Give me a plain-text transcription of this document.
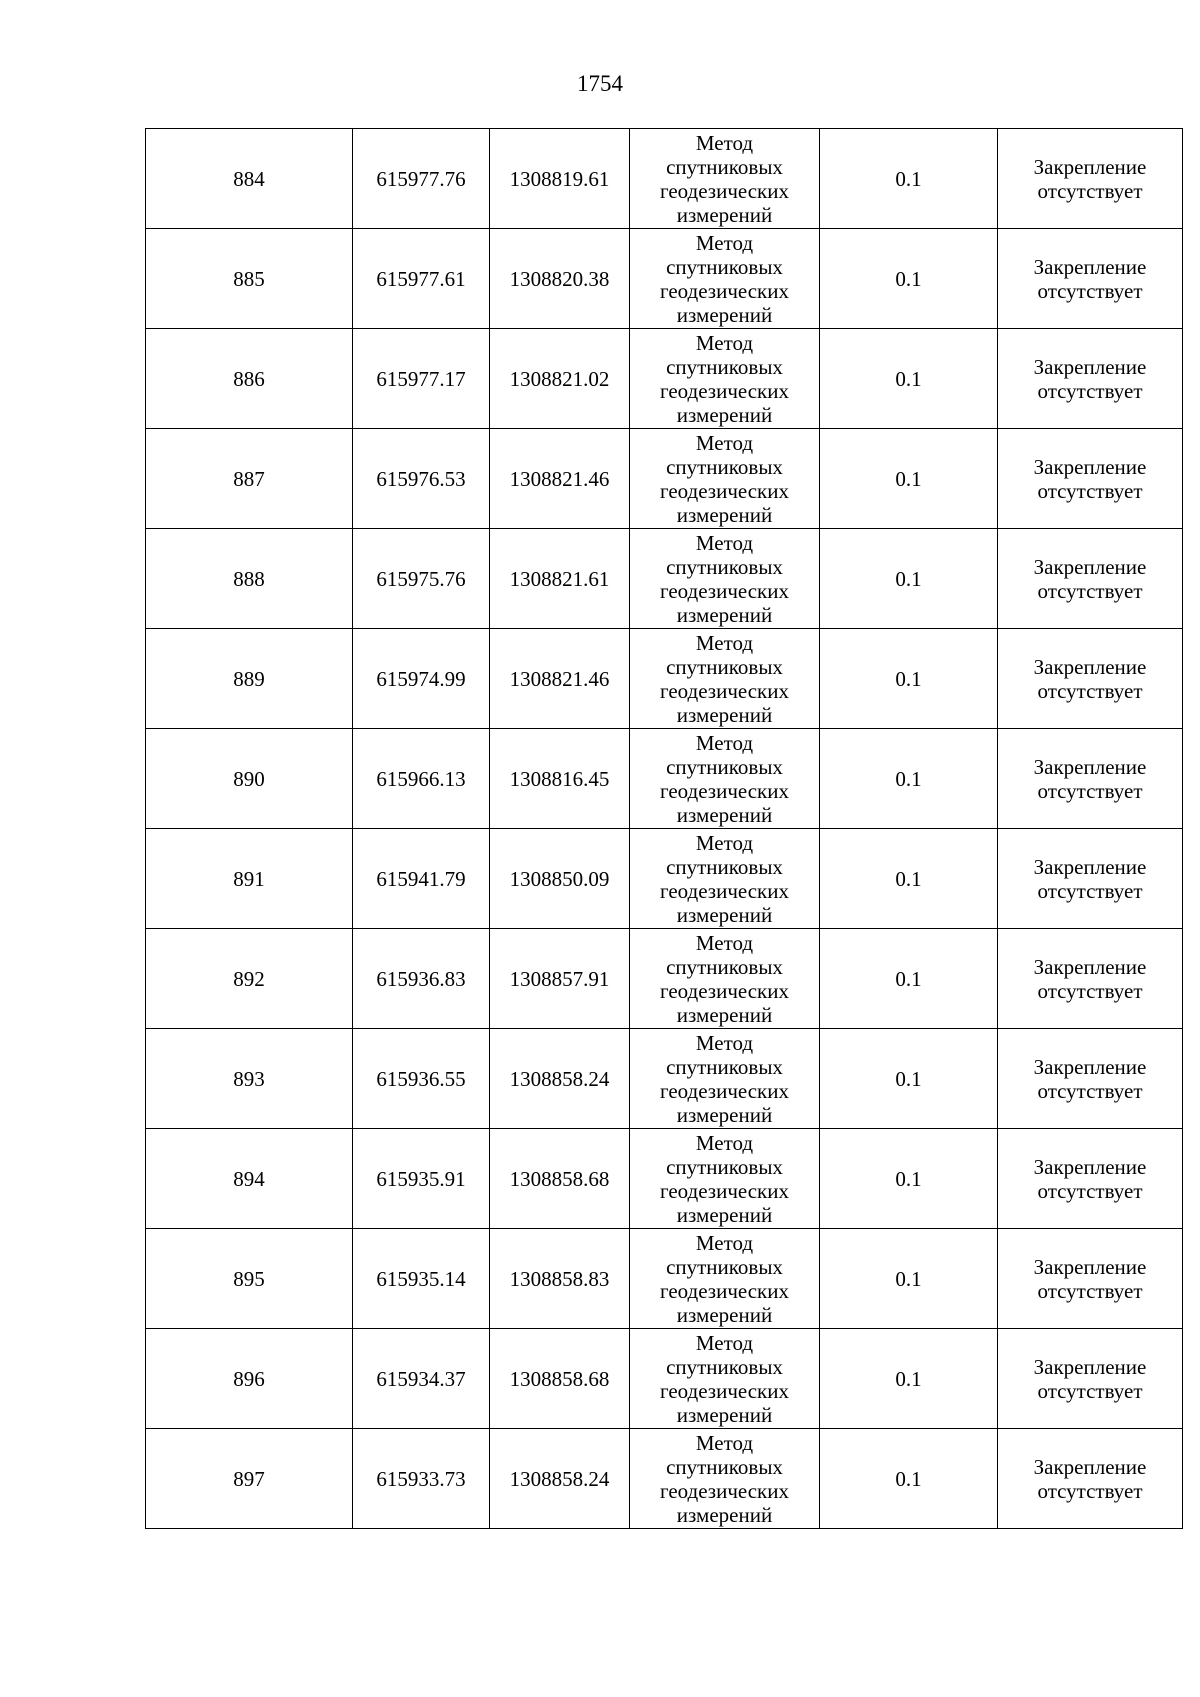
1754
884	615977.76	1308819.61	Метод
спутниковых
геодезических
измерений	0.1	Закрепление
отсутствует

885	615977.61	1308820.38	Метод
спутниковых
геодезических
измерений	0.1	Закрепление
отсутствует

886	615977.17	1308821.02	Метод
спутниковых
геодезических
измерений	0.1	Закрепление
отсутствует

887	615976.53	1308821.46	Метод
спутниковых
геодезических
измерений	0.1	Закрепление
отсутствует

888	615975.76	1308821.61	Метод
спутниковых
геодезических
измерений	0.1	Закрепление
отсутствует

889	615974.99	1308821.46	Метод
спутниковых
геодезических
измерений	0.1	Закрепление
отсутствует

890	615966.13	1308816.45	Метод
спутниковых
геодезических
измерений	0.1	Закрепление
отсутствует

891	615941.79	1308850.09	Метод
спутниковых
геодезических
измерений	0.1	Закрепление
отсутствует

892	615936.83	1308857.91	Метод
спутниковых
геодезических
измерений	0.1	Закрепление
отсутствует

893	615936.55	1308858.24	Метод
спутниковых
геодезических
измерений	0.1	Закрепление
отсутствует

894	615935.91	1308858.68	Метод
спутниковых
геодезических
измерений	0.1	Закрепление
отсутствует

895	615935.14	1308858.83	Метод
спутниковых
геодезических
измерений	0.1	Закрепление
отсутствует

896	615934.37	1308858.68	Метод
спутниковых
геодезических
измерений	0.1	Закрепление
отсутствует

897	615933.73	1308858.24	Метод
спутниковых
геодезических
измерений	0.1	Закрепление
отсутствует
